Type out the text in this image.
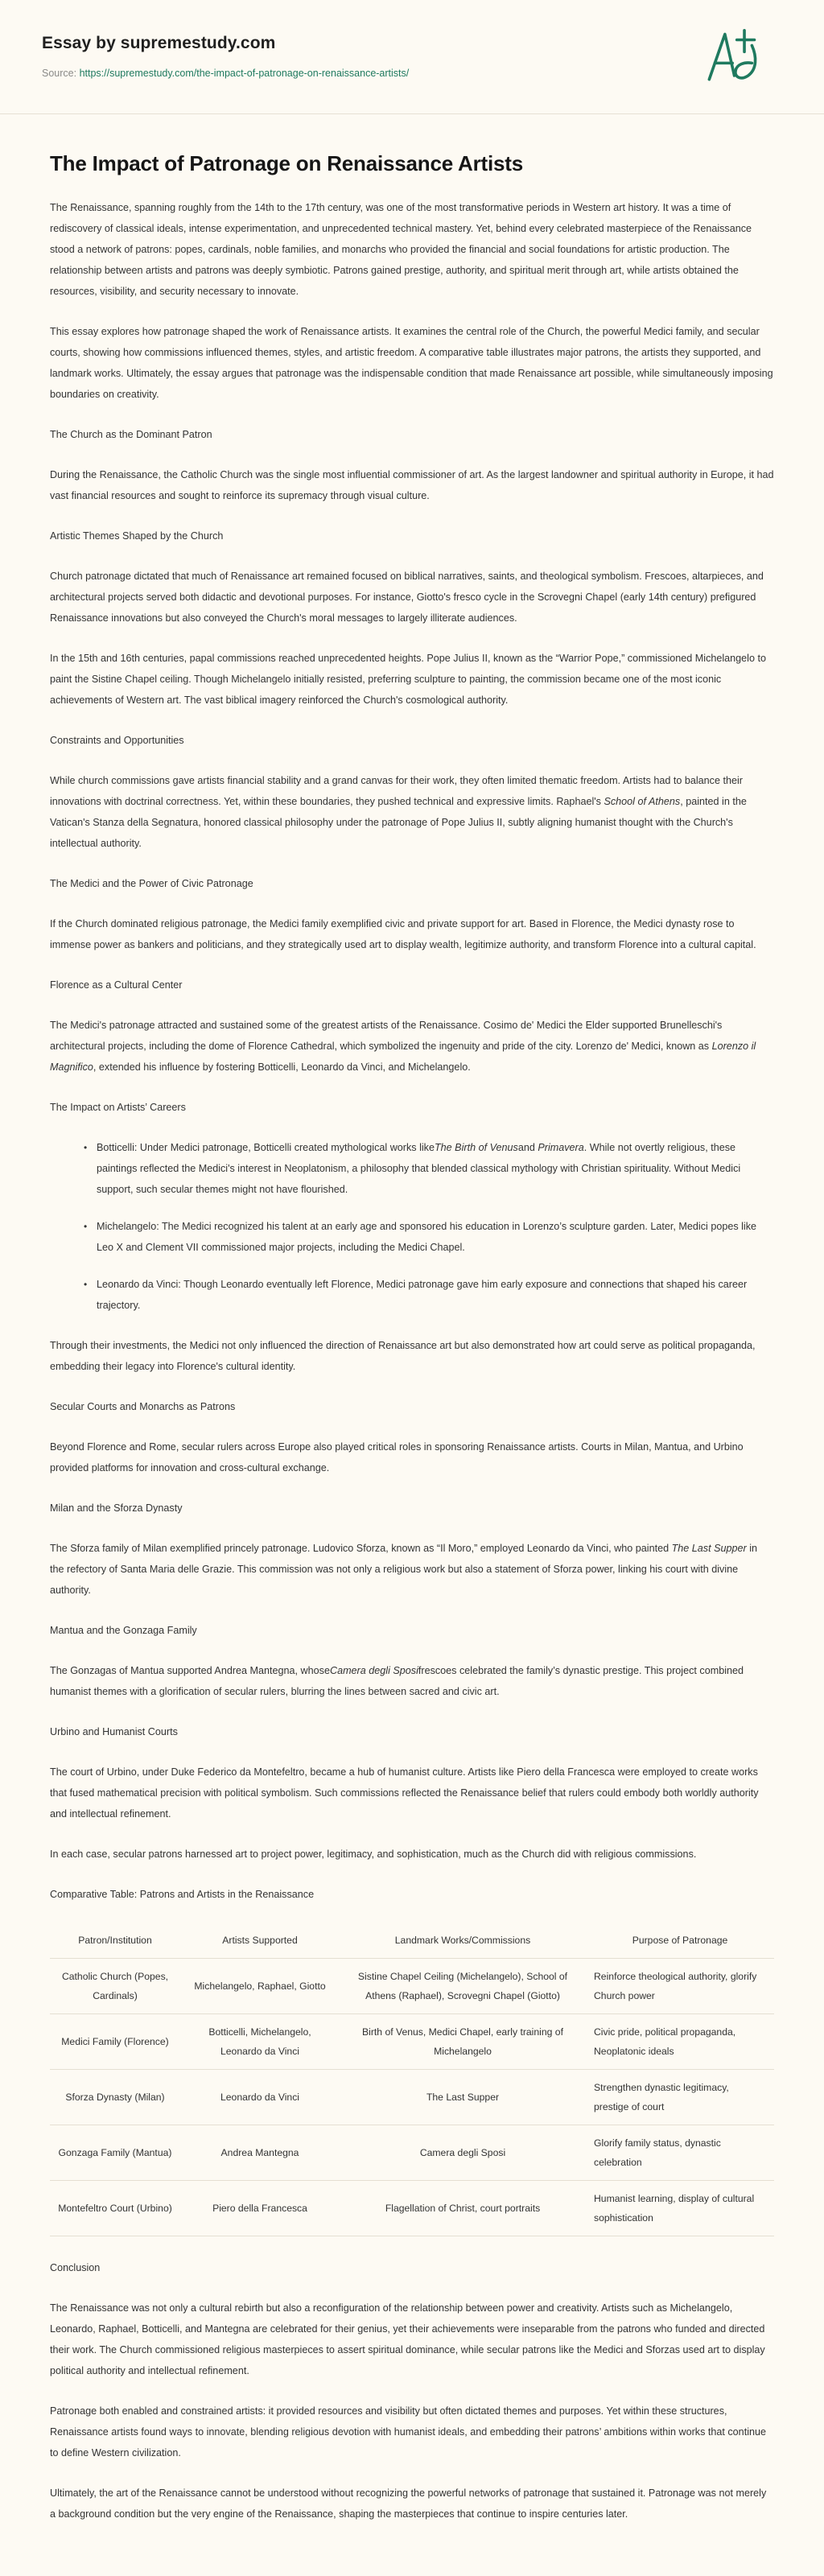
Essay by supremestudy.com
Source: https://supremestudy.com/the-impact-of-patronage-on-renaissance-artists/
The Impact of Patronage on Renaissance Artists

The Renaissance, spanning roughly from the 14th to the 17th century, was one of the most transformative periods in Western art history. It was a time of rediscovery of classical ideals, intense experimentation, and unprecedented technical mastery. Yet, behind every celebrated masterpiece of the Renaissance stood a network of patrons: popes, cardinals, noble families, and monarchs who provided the financial and social foundations for artistic production. The relationship between artists and patrons was deeply symbiotic. Patrons gained prestige, authority, and spiritual merit through art, while artists obtained the resources, visibility, and security necessary to innovate.

This essay explores how patronage shaped the work of Renaissance artists. It examines the central role of the Church, the powerful Medici family, and secular courts, showing how commissions influenced themes, styles, and artistic freedom. A comparative table illustrates major patrons, the artists they supported, and landmark works. Ultimately, the essay argues that patronage was the indispensable condition that made Renaissance art possible, while simultaneously imposing boundaries on creativity.

The Church as the Dominant Patron

During the Renaissance, the Catholic Church was the single most influential commissioner of art. As the largest landowner and spiritual authority in Europe, it had vast financial resources and sought to reinforce its supremacy through visual culture.

Artistic Themes Shaped by the Church

Church patronage dictated that much of Renaissance art remained focused on biblical narratives, saints, and theological symbolism. Frescoes, altarpieces, and architectural projects served both didactic and devotional purposes. For instance, Giotto's fresco cycle in the Scrovegni Chapel (early 14th century) prefigured Renaissance innovations but also conveyed the Church's moral messages to largely illiterate audiences.

In the 15th and 16th centuries, papal commissions reached unprecedented heights. Pope Julius II, known as the “Warrior Pope,” commissioned Michelangelo to paint the Sistine Chapel ceiling. Though Michelangelo initially resisted, preferring sculpture to painting, the commission became one of the most iconic achievements of Western art. The vast biblical imagery reinforced the Church's cosmological authority.

Constraints and Opportunities

While church commissions gave artists financial stability and a grand canvas for their work, they often limited thematic freedom. Artists had to balance their innovations with doctrinal correctness. Yet, within these boundaries, they pushed technical and expressive limits. Raphael's School of Athens, painted in the Vatican's Stanza della Segnatura, honored classical philosophy under the patronage of Pope Julius II, subtly aligning humanist thought with the Church's intellectual authority.

The Medici and the Power of Civic Patronage

If the Church dominated religious patronage, the Medici family exemplified civic and private support for art. Based in Florence, the Medici dynasty rose to immense power as bankers and politicians, and they strategically used art to display wealth, legitimize authority, and transform Florence into a cultural capital.

Florence as a Cultural Center

The Medici's patronage attracted and sustained some of the greatest artists of the Renaissance. Cosimo de' Medici the Elder supported Brunelleschi's architectural projects, including the dome of Florence Cathedral, which symbolized the ingenuity and pride of the city. Lorenzo de' Medici, known as Lorenzo il Magnifico, extended his influence by fostering Botticelli, Leonardo da Vinci, and Michelangelo.

The Impact on Artists’ Careers
• Botticelli: Under Medici patronage, Botticelli created mythological works likeThe Birth of Venusand Primavera. While not overtly religious, these paintings reflected the Medici's interest in Neoplatonism, a philosophy that blended classical mythology with Christian spirituality. Without Medici support, such secular themes might not have flourished.
• Michelangelo: The Medici recognized his talent at an early age and sponsored his education in Lorenzo’s sculpture garden. Later, Medici popes like Leo X and Clement VII commissioned major projects, including the Medici Chapel.
• Leonardo da Vinci: Though Leonardo eventually left Florence, Medici patronage gave him early exposure and connections that shaped his career trajectory.

Through their investments, the Medici not only influenced the direction of Renaissance art but also demonstrated how art could serve as political propaganda, embedding their legacy into Florence's cultural identity.

Secular Courts and Monarchs as Patrons

Beyond Florence and Rome, secular rulers across Europe also played critical roles in sponsoring Renaissance artists. Courts in Milan, Mantua, and Urbino provided platforms for innovation and cross-cultural exchange.

Milan and the Sforza Dynasty

The Sforza family of Milan exemplified princely patronage. Ludovico Sforza, known as “Il Moro,” employed Leonardo da Vinci, who painted The Last Supper in the refectory of Santa Maria delle Grazie. This commission was not only a religious work but also a statement of Sforza power, linking his court with divine authority.

Mantua and the Gonzaga Family

The Gonzagas of Mantua supported Andrea Mantegna, whoseCamera degli Sposifrescoes celebrated the family’s dynastic prestige. This project combined humanist themes with a glorification of secular rulers, blurring the lines between sacred and civic art.

Urbino and Humanist Courts

The court of Urbino, under Duke Federico da Montefeltro, became a hub of humanist culture. Artists like Piero della Francesca were employed to create works that fused mathematical precision with political symbolism. Such commissions reflected the Renaissance belief that rulers could embody both worldly authority and intellectual refinement.

In each case, secular patrons harnessed art to project power, legitimacy, and sophistication, much as the Church did with religious commissions.

Comparative Table: Patrons and Artists in the Renaissance
Patron/Institution	Artists Supported	Landmark Works/Commissions	Purpose of Patronage
Catholic Church (Popes, Cardinals)	Michelangelo, Raphael, Giotto	Sistine Chapel Ceiling (Michelangelo), School of Athens (Raphael), Scrovegni Chapel (Giotto)	Reinforce theological authority, glorify Church power
Medici Family (Florence)	Botticelli, Michelangelo, Leonardo da Vinci	Birth of Venus, Medici Chapel, early training of Michelangelo	Civic pride, political propaganda, Neoplatonic ideals
Sforza Dynasty (Milan)	Leonardo da Vinci	The Last Supper	Strengthen dynastic legitimacy, prestige of court
Gonzaga Family (Mantua)	Andrea Mantegna	Camera degli Sposi	Glorify family status, dynastic celebration
Montefeltro Court (Urbino)	Piero della Francesca	Flagellation of Christ, court portraits	Humanist learning, display of cultural sophistication
Conclusion

The Renaissance was not only a cultural rebirth but also a reconfiguration of the relationship between power and creativity. Artists such as Michelangelo, Leonardo, Raphael, Botticelli, and Mantegna are celebrated for their genius, yet their achievements were inseparable from the patrons who funded and directed their work. The Church commissioned religious masterpieces to assert spiritual dominance, while secular patrons like the Medici and Sforzas used art to display political authority and intellectual refinement.

Patronage both enabled and constrained artists: it provided resources and visibility but often dictated themes and purposes. Yet within these structures, Renaissance artists found ways to innovate, blending religious devotion with humanist ideals, and embedding their patrons’ ambitions within works that continue to define Western civilization.

Ultimately, the art of the Renaissance cannot be understood without recognizing the powerful networks of patronage that sustained it. Patronage was not merely a background condition but the very engine of the Renaissance, shaping the masterpieces that continue to inspire centuries later.
